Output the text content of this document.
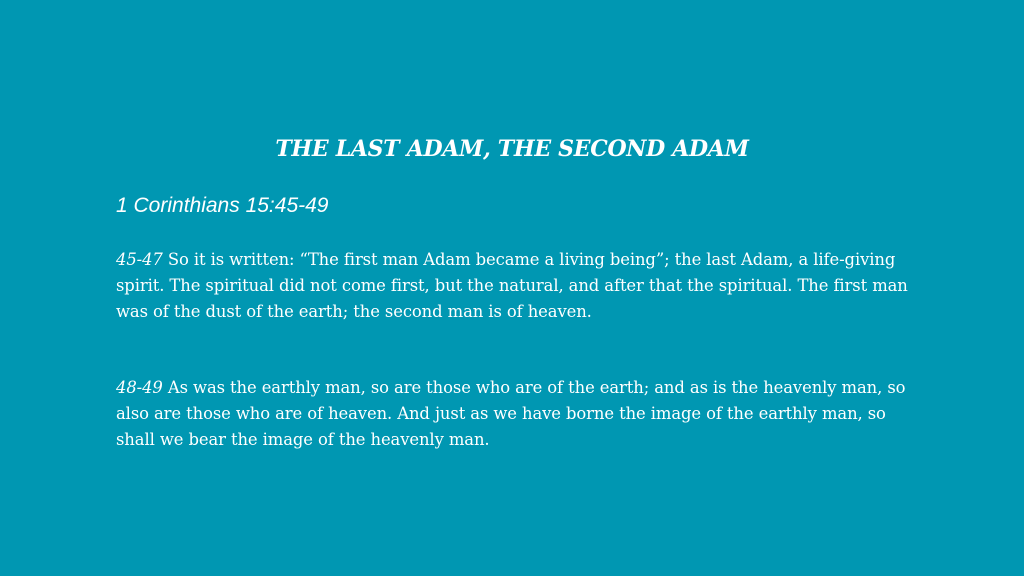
THE LAST ADAM, THE SECOND ADAM
1 Corinthians 15:45-49

45-47 So it is written: “The first man Adam became a living being”; the last Adam, a life-giving spirit. The spiritual did not come first, but the natural, and after that the spiritual. The first man was of the dust of the earth; the second man is of heaven.

48-49 As was the earthly man, so are those who are of the earth; and as is the heavenly man, so also are those who are of heaven. And just as we have borne the image of the earthly man, so shall we bear the image of the heavenly man.
